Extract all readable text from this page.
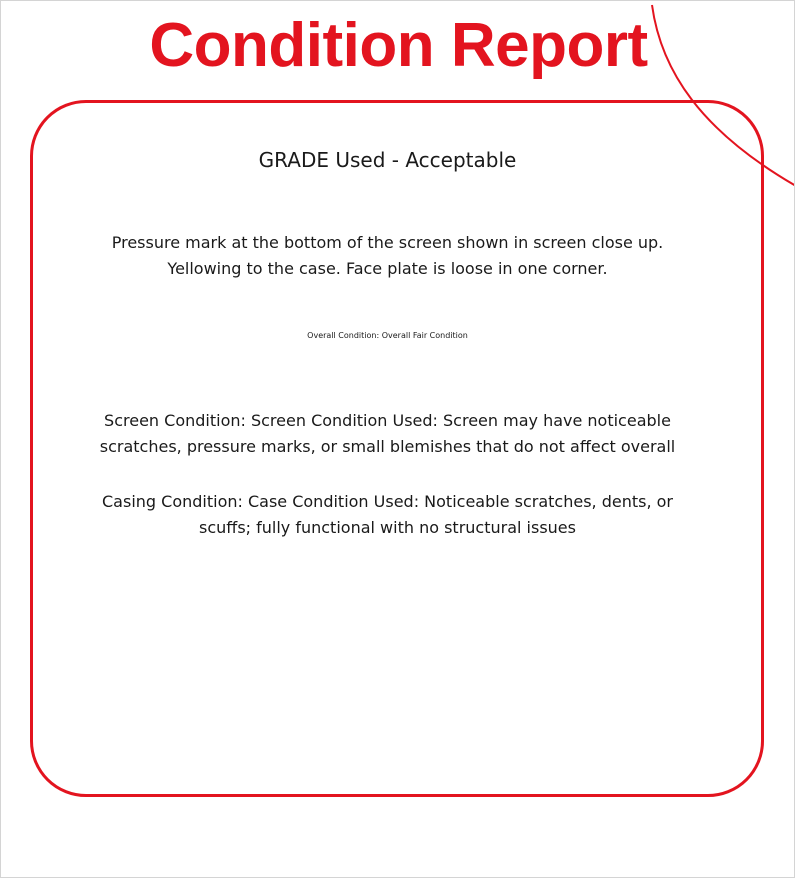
Condition Report
GRADE Used - Acceptable
Pressure mark at the bottom of the screen shown in screen close up.
Yellowing to the case. Face plate is loose in one corner.
Overall Condition: Overall Fair Condition
Screen Condition: Screen Condition Used: Screen may have noticeable
scratches, pressure marks, or small blemishes that do not affect overall
Casing Condition: Case Condition Used: Noticeable scratches, dents, or
scuffs; fully functional with no structural issues
